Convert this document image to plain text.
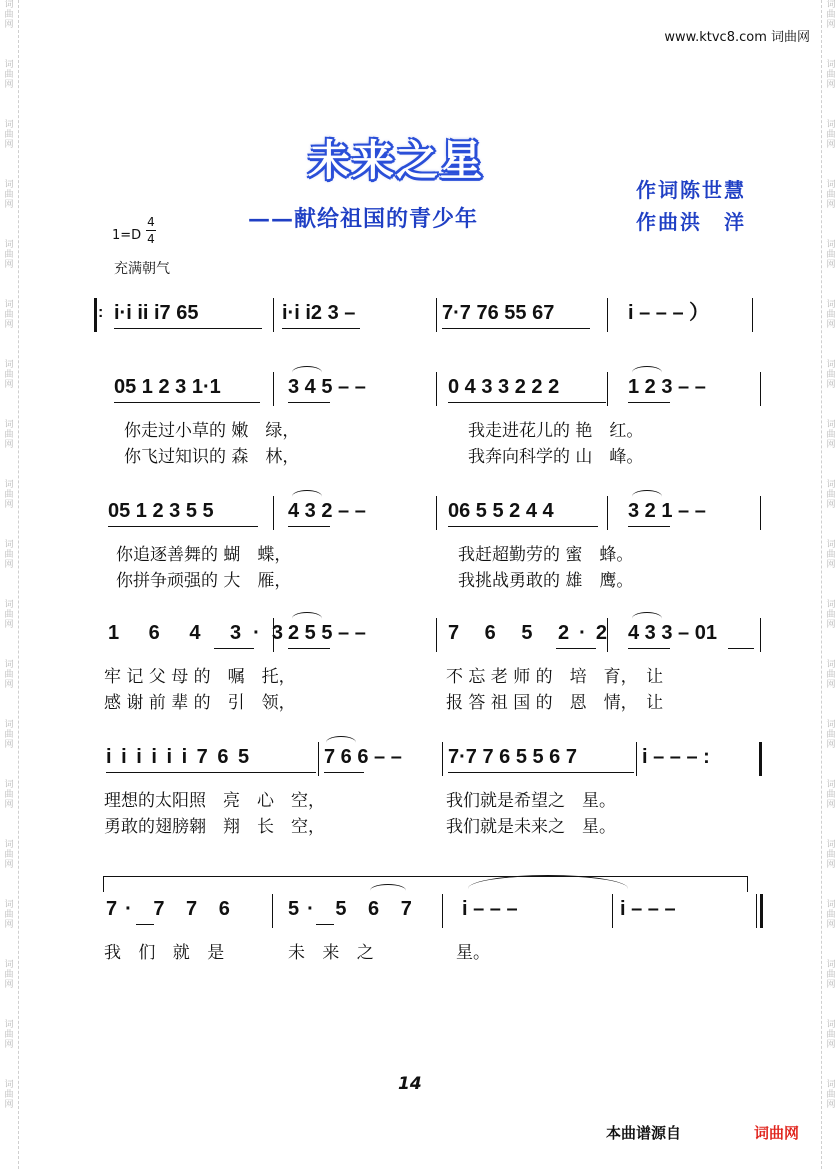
词
曲
网
词
曲
网
词
曲
网
词
曲
网
词
曲
网
词
曲
网
词
曲
网
词
曲
网
词
曲
网
词
曲
网
词
曲
网
词
曲
网
词
曲
网
词
曲
网
词
曲
网
词
曲
网
词
曲
网
词
曲
网
词
曲
网
词
曲
网
词
曲
网
词
曲
网
词
曲
网
词
曲
网
词
曲
网
词
曲
网
词
曲
网
词
曲
网
词
曲
网
词
曲
网
词
曲
网
词
曲
网
词
曲
网
词
曲
网
词
曲
网
词
曲
网
词
曲
网
词
曲
网
www.ktvc8.com 词曲网
未来之星
——献给祖国的青少年
作词陈世慧
作曲洪　洋
1=D
4
4
充满朝气
: i·i ii i7 65	i·i i2 3 –	7·7 76 55 67	i – – – ）
05 1 2 3 1·1	3 4 5 – –	0 4 3 3 2 2 2	1 2 3 – –
你走过小草的 嫩　绿，	我走进花儿的 艳　红。
你飞过知识的 森　林，	我奔向科学的 山　峰。
05 1 2 3 5 5	4 3 2 – –	06 5 5 2 4 4	3 2 1 – –
你追逐善舞的 蝴　蝶，	我赶超勤劳的 蜜　蜂。
你拼争顽强的 大　雁，	我挑战勇敢的 雄　鹰。
1 6 4 3·3
2 5 5 – –	7 6 5 2·2 4 3 3 – 01
牢 记 父 母 的　嘱　托，	不 忘 老 师 的　培　育，　让
感 谢 前 辈 的　引　领，	报 答 祖 国 的　恩　情，　让
i i i i i i 7 6 5	7 6 6 – – 7·7 7 6 5 5 6 7	i – – – :
理想的太阳照　亮　心　空，	我们就是希望之　星。
勇敢的翅膀翱　翔　长　空，	我们就是未来之　星。
7· 7 7 6	5· 5 6 7 i – – –	i – – –
我 们 就 是	未 来 之	星。
14
本曲谱源自	词曲网
